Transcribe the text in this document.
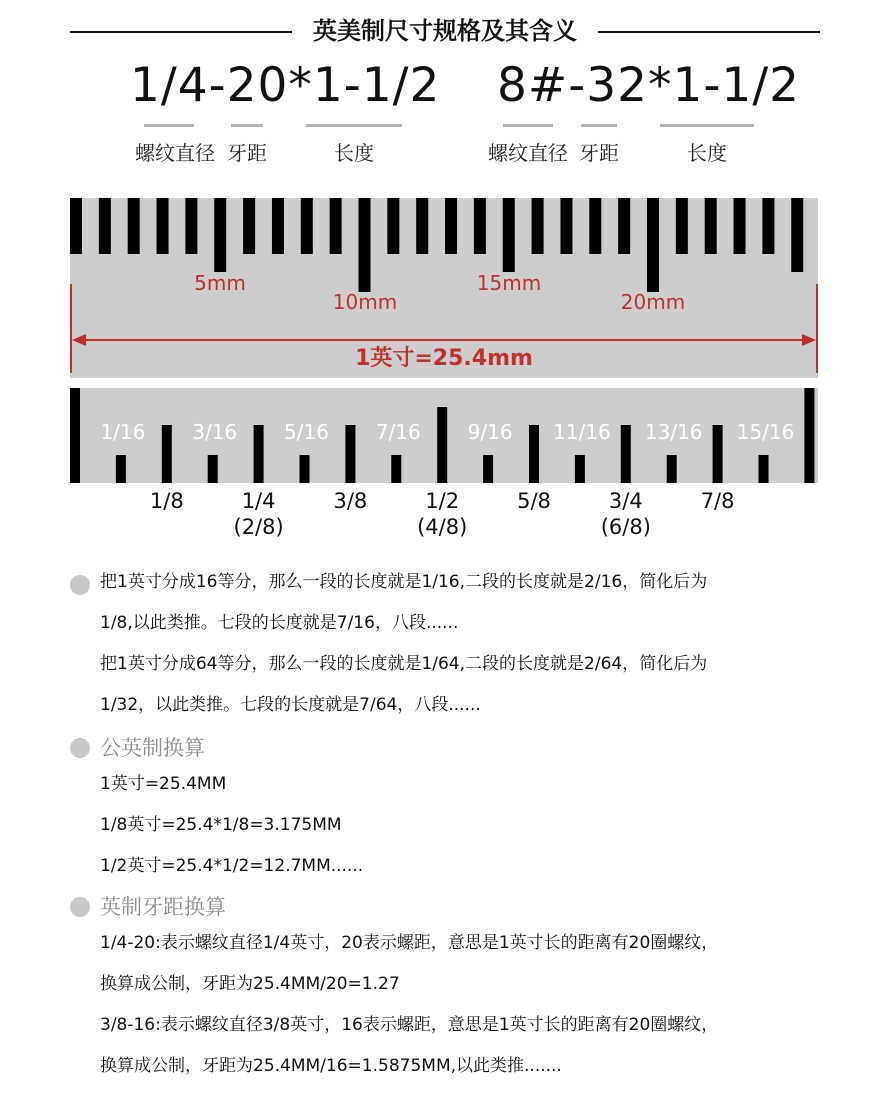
英美制尺寸规格及其含义
1/4-20*1-1/2
螺纹直径 牙距	长度
8#-32*1-1/2
螺纹直径 牙距	长度
5mm
10mm
15mm
20mm
1英寸=25.4mm
1/16 3/16 5/16 7/16 9/16 11/16 13/16 15/16
1/8	1/4
(2/8)
3/8	1/2
(4/8)
5/8	3/4
(6/8)
7/8
把1英寸分成16等分，那么一段的长度就是1/16,二段的长度就是2/16，简化后为
1/8,以此类推。七段的长度就是7/16，八段......
把1英寸分成64等分，那么一段的长度就是1/64,二段的长度就是2/64，简化后为
1/32，以此类推。七段的长度就是7/64，八段......
公英制换算
1英寸=25.4MM
1/8英寸=25.4*1/8=3.175MM
1/2英寸=25.4*1/2=12.7MM......
英制牙距换算
1/4-20:表示螺纹直径1/4英寸，20表示螺距，意思是1英寸长的距离有20圈螺纹，
换算成公制，牙距为25.4MM/20=1.27
3/8-16:表示螺纹直径3/8英寸，16表示螺距，意思是1英寸长的距离有20圈螺纹，
换算成公制，牙距为25.4MM/16=1.5875MM,以此类推.......
